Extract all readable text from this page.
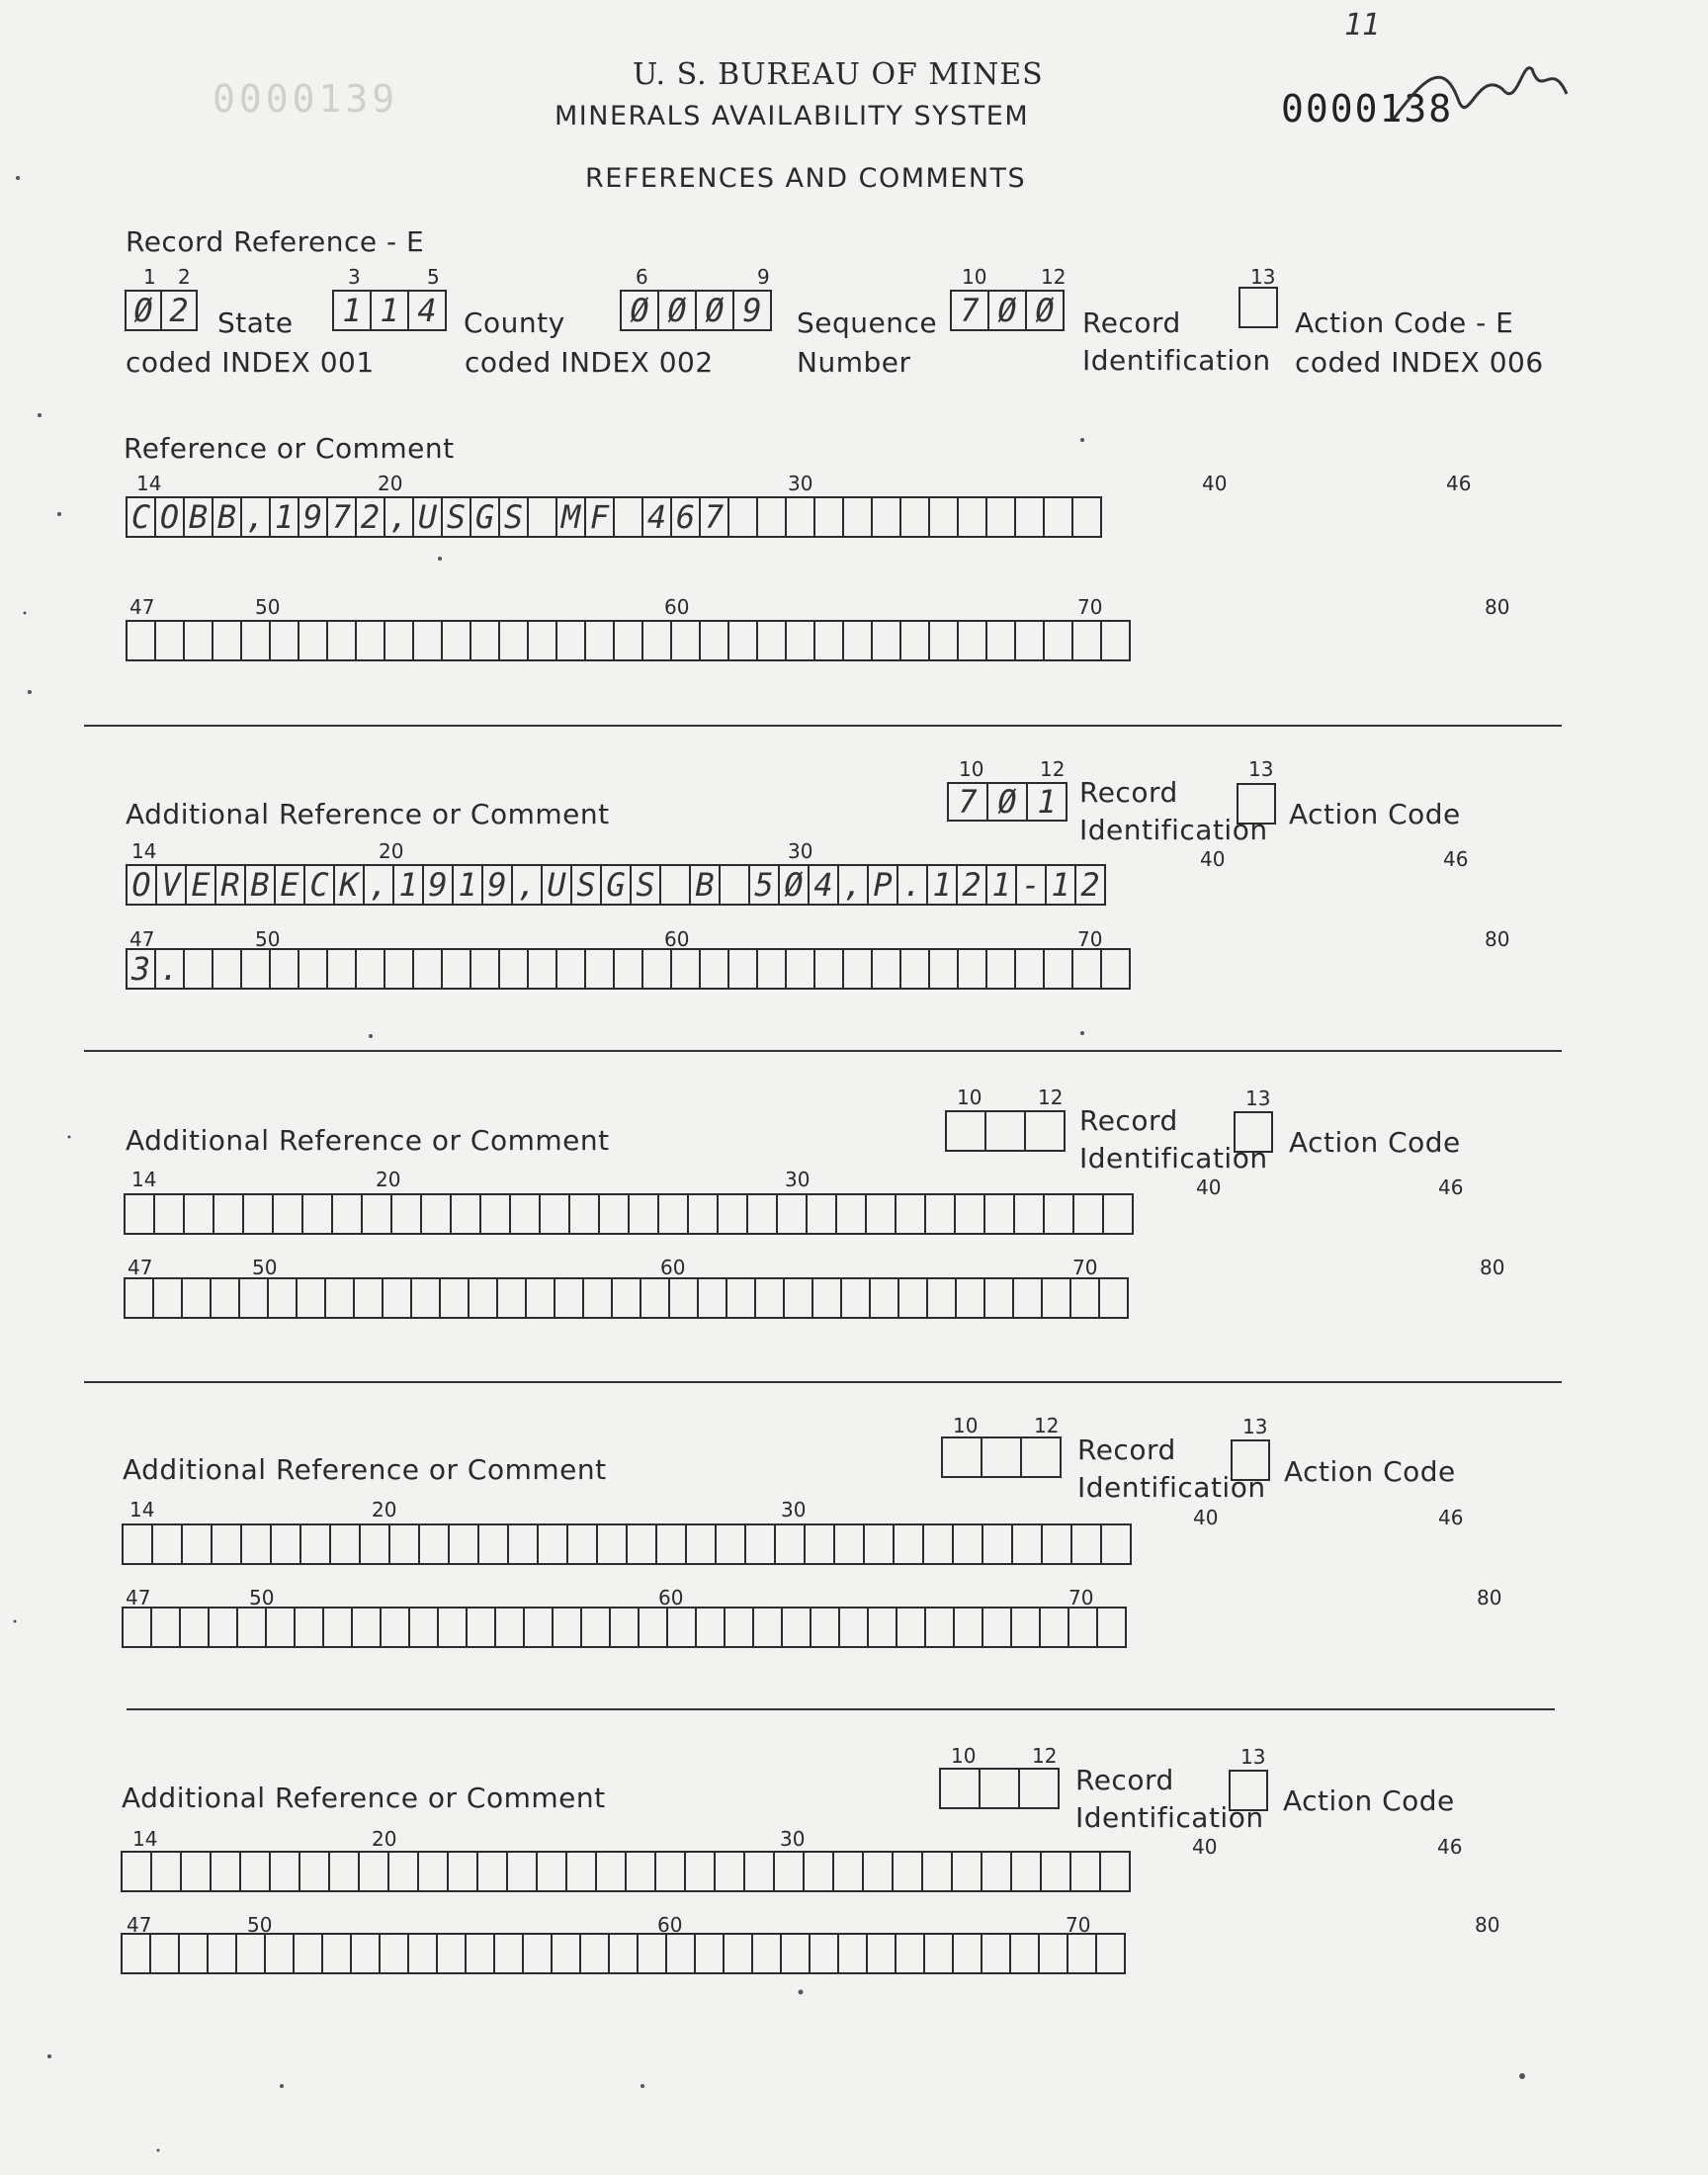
11
0000139
U. S. BUREAU OF MINES
MINERALS AVAILABILITY SYSTEM
REFERENCES AND COMMENTS
0000138
Record Reference - E
1 2
Ø 2	State
coded INDEX 001
3	5
1 1 4 County
coded INDEX 002
6	9
Ø Ø Ø 9	Sequence
Number
10	12
7 Ø Ø	Record
Identification
13
Action Code - E
coded INDEX 006
Reference or Comment
14	20	30	40	46
C O B B , 1 9 7 2 , U S G S M F 4 6 7
47	50	60	70	80
Additional Reference or Comment
10	12
7 Ø 1 Record
Identification
13
Action Code
14	20	30	40	46
O V E R B E C K , 1 9 1 9 , U S G S B 5 Ø 4 , P . 1 2 1 - 1 2
47	50	60	70	80
3 .
Additional Reference or Comment
10	12
Record
Identification
13
Action Code
14	20	30	40	46
47	50	60	70	80
Additional Reference or Comment
10	12
Record
Identification
13
Action Code
14	20	30	40	46
47	50	60	70	80
Additional Reference or Comment
10	12
Record
Identification
13
Action Code
14	20	30	40	46
47	50	60	70	80
